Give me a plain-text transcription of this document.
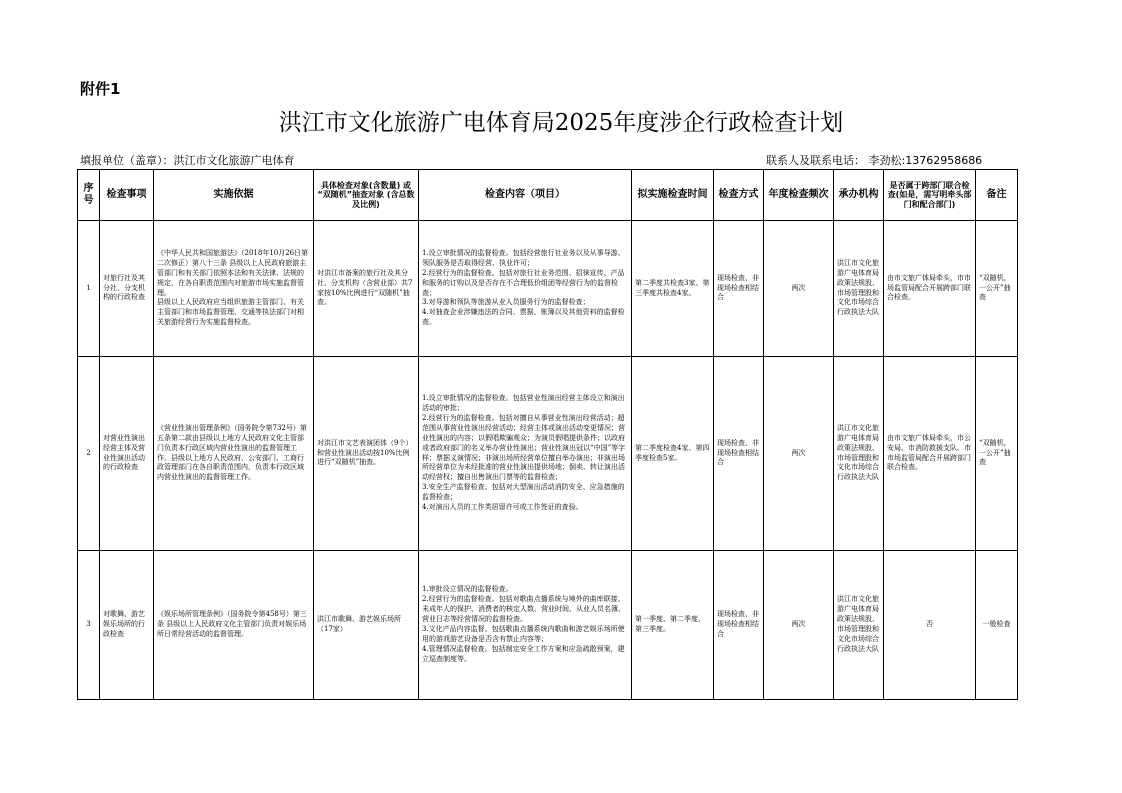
附件1
洪江市文化旅游广电体育局2025年度涉企行政检查计划
填报单位（盖章）：洪江市文化旅游广电体育	联系人及联系电话： 李劲松:13762958686
序号	检查事项	实施依据	具体检查对象(含数量) 或 “双随机”抽查对象 (含总数及比例)	检查内容（项目）	拟实施检查时间	检查方式	年度检查频次	承办机构	是否属于跨部门联合检查(如是，需写明牵头部门和配合部门)	备注
1	对旅行社及其分社、分支机构的行政检查	《中华人民共和国旅游法》（2018年10月26日第二次修正）第八十三条 县级以上人民政府旅游主管部门和有关部门依照本法和有关法律、法规的规定，在各自职责范围内对旅游市场实施监督管理。
县级以上人民政府应当组织旅游主管部门、有关主管部门和市场监督管理、交通等执法部门对相关旅游经营行为实施监督检查。	对洪江市备案的旅行社及其分社、分支机构（含营业部）共7家按10%比例进行“双随机”抽查。	1.设立审批情况的监督检查。包括经营旅行社业务以及从事导游、领队服务是否取得经营、执业许可；
2.经营行为的监督检查。包括对旅行社业务范围、招徕宣传、产品和服务的订购以及是否存在不合理低价组团等经营行为的监督检查；
3.对导游和领队等旅游从业人员服务行为的监督检查；
4.对抽查企业涉嫌违法的合同、票据、账簿以及其他资料的监督检查。	第二季度共检查3家、第三季度共检查4家。	现场检查、非现场检查相结合	两次	洪江市文化旅游广电体育局政策法规股、市场管理股和文化市场综合行政执法大队	由市文旅广体局牵头，市市场监管局配合开展跨部门联合检查。	“双随机，一公开”抽查
2	对营业性演出经营主体及营业性演出活动的行政检查	《营业性演出管理条例》（国务院令第732号）第五条第二款由县级以上地方人民政府文化主管部门负责本行政区域内营业性演出的监督管理工作。县级以上地方人民政府、公安部门、工商行政管理部门在各自职责范围内，负责本行政区域内营业性演出的监督管理工作。	对洪江市文艺表演团体（9个）和营业性演出活动按10%比例进行“双随机”抽查。	1.设立审批情况的监督检查。包括营业性演出经营主体设立和演出活动的审批；
2.经营行为的监督检查。包括对擅自从事营业性演出经营活动；超范围从事营业性演出经营活动；经营主体或演出活动变更情况；营业性演出的内容；以假唱欺骗观众；为演员假唱提供条件；以政府或者政府部门的名义举办营业性演出；营业性演出冠以“中国”等字样；票据义演情况；非演出场所经营单位擅自举办演出；非演出场所经营单位为未经批准的营业性演出提供场地；倒卖、转让演出活动经营权；擅自出售演出门票等的监督检查；
3.安全生产监督检查。包括对大型演出活动消防安全、应急措施的监督检查；
4.对演出人员的工作类居留许可或工作签证的查验。	第二季度检查4家、第四季度检查5家。	现场检查、非现场检查相结合	两次	洪江市文化旅游广电体育局政策法规股、市场管理股和文化市场综合行政执法大队	由市文旅广体局牵头，市公安局、市消防救援支队、市市场监管局配合开展跨部门联合检查。	“双随机，一公开”抽查
3	对歌舞、游艺娱乐场所的行政检查	《娱乐场所管理条例》（国务院令第458号）第三条 县级以上人民政府文化主管部门负责对娱乐场所日常经营活动的监督管理。	洪江市歌舞、游艺娱乐场所（17家）	1.审批设立情况的监督检查。
2.经营行为的监督检查。包括对歌曲点播系统与境外的曲库联接、未成年人的保护、消费者的核定人数、营业时间、从业人员名簿、营业日志等经营情况的监督检查。
3.文化产品内容监督。包括歌曲点播系统内歌曲和游艺娱乐场所使用的游戏游艺设备是否含有禁止内容等；
4.管理情况监督检查。包括制定安全工作方案和应急疏散预案，建立巡查制度等。	第一季度、第二季度、第三季度。	现场检查、非现场检查相结合	两次	洪江市文化旅游广电体育局政策法规股、市场管理股和文化市场综合行政执法大队	否	一般检查
